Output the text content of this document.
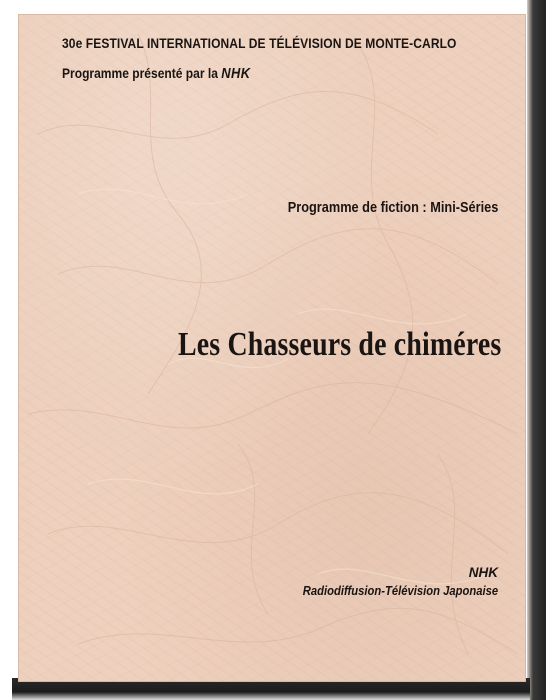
30e FESTIVAL INTERNATIONAL DE TÉLÉVISION DE MONTE-CARLO
Programme présenté par la NHK
Programme de fiction : Mini-Séries
Les Chasseurs de chiméres
NHK
Radiodiffusion-Télévision Japonaise
